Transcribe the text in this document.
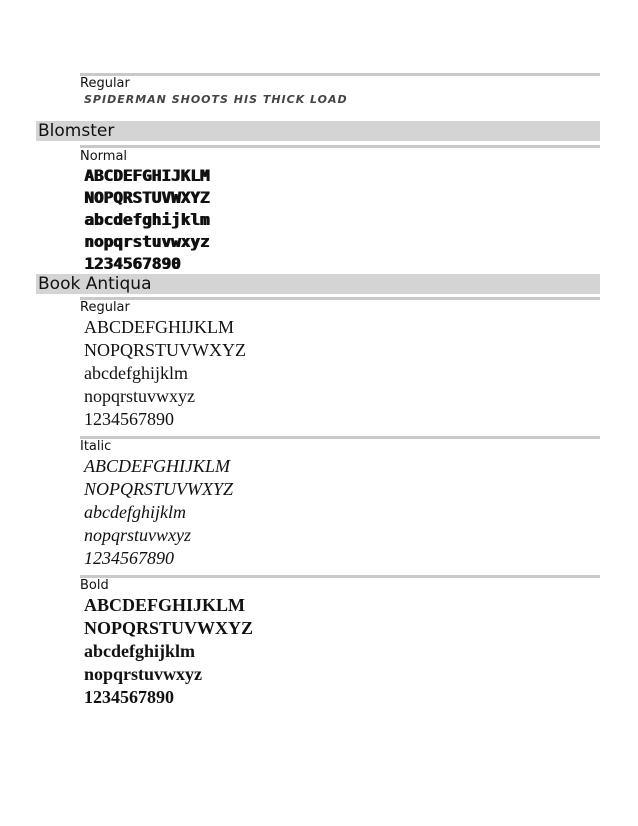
Regular
SPIDERMAN SHOOTS HIS THICK LOAD
Blomster
Normal
ABCDEFGHIJKLM
NOPQRSTUVWXYZ
abcdefghijklm
nopqrstuvwxyz
1234567890
Book Antiqua
Regular
ABCDEFGHIJKLM
NOPQRSTUVWXYZ
abcdefghijklm
nopqrstuvwxyz
1234567890
Italic
ABCDEFGHIJKLM
NOPQRSTUVWXYZ
abcdefghijklm
nopqrstuvwxyz
1234567890
Bold
ABCDEFGHIJKLM
NOPQRSTUVWXYZ
abcdefghijklm
nopqrstuvwxyz
1234567890
